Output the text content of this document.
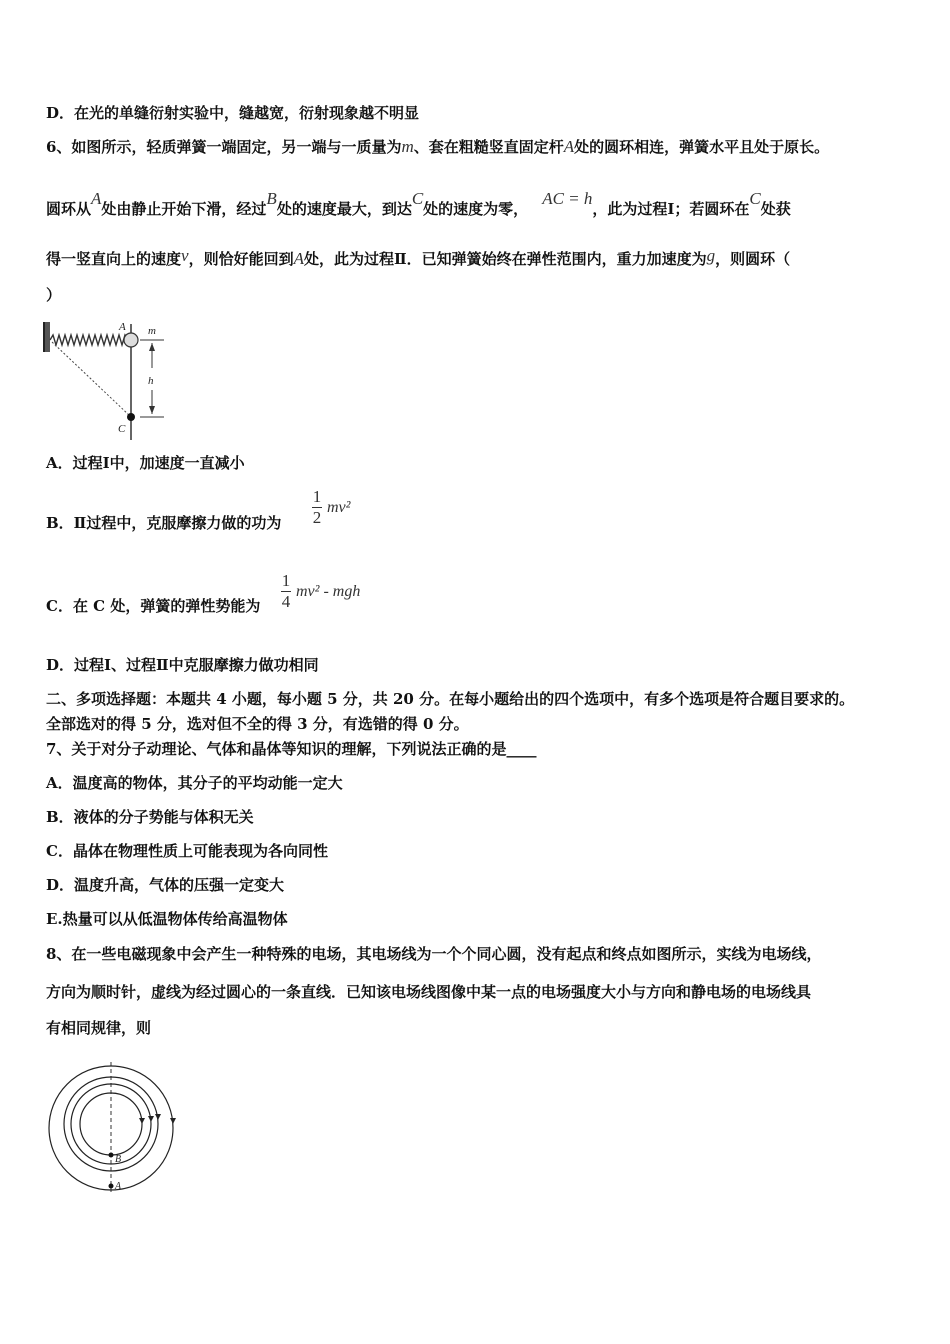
D．在光的单缝衍射实验中，缝越宽，衍射现象越不明显
6、如图所示，轻质弹簧一端固定，另一端与一质量为m、套在粗糙竖直固定杆A处的圆环相连，弹簧水平且处于原长。
圆环从A处由静止开始下滑，经过B处的速度最大，到达C处的速度为零，AC = h，此为过程Ⅰ；若圆环在C处获
得一竖直向上的速度v，则恰好能回到A处，此为过程Ⅱ．已知弹簧始终在弹性范围内，重力加速度为g，则圆环（
）
A m
h
C
A．过程Ⅰ中，加速度一直减小
B．Ⅱ过程中，克服摩擦力做的功为
1
2
mv²
C．在 C 处，弹簧的弹性势能为
1
4
mv² - mgh
D．过程Ⅰ、过程Ⅱ中克服摩擦力做功相同
二、多项选择题：本题共 4 小题，每小题 5 分，共 20 分。在每小题给出的四个选项中，有多个选项是符合题目要求的。
全部选对的得 5 分，选对但不全的得 3 分，有选错的得 0 分。
7、关于对分子动理论、气体和晶体等知识的理解，下列说法正确的是____
A．温度高的物体，其分子的平均动能一定大
B．液体的分子势能与体积无关
C．晶体在物理性质上可能表现为各向同性
D．温度升高，气体的压强一定变大
E.热量可以从低温物体传给高温物体
8、在一些电磁现象中会产生一种特殊的电场，其电场线为一个个同心圆，没有起点和终点如图所示，实线为电场线，
方向为顺时针，虚线为经过圆心的一条直线．已知该电场线图像中某一点的电场强度大小与方向和静电场的电场线具
有相同规律，则
B
A
